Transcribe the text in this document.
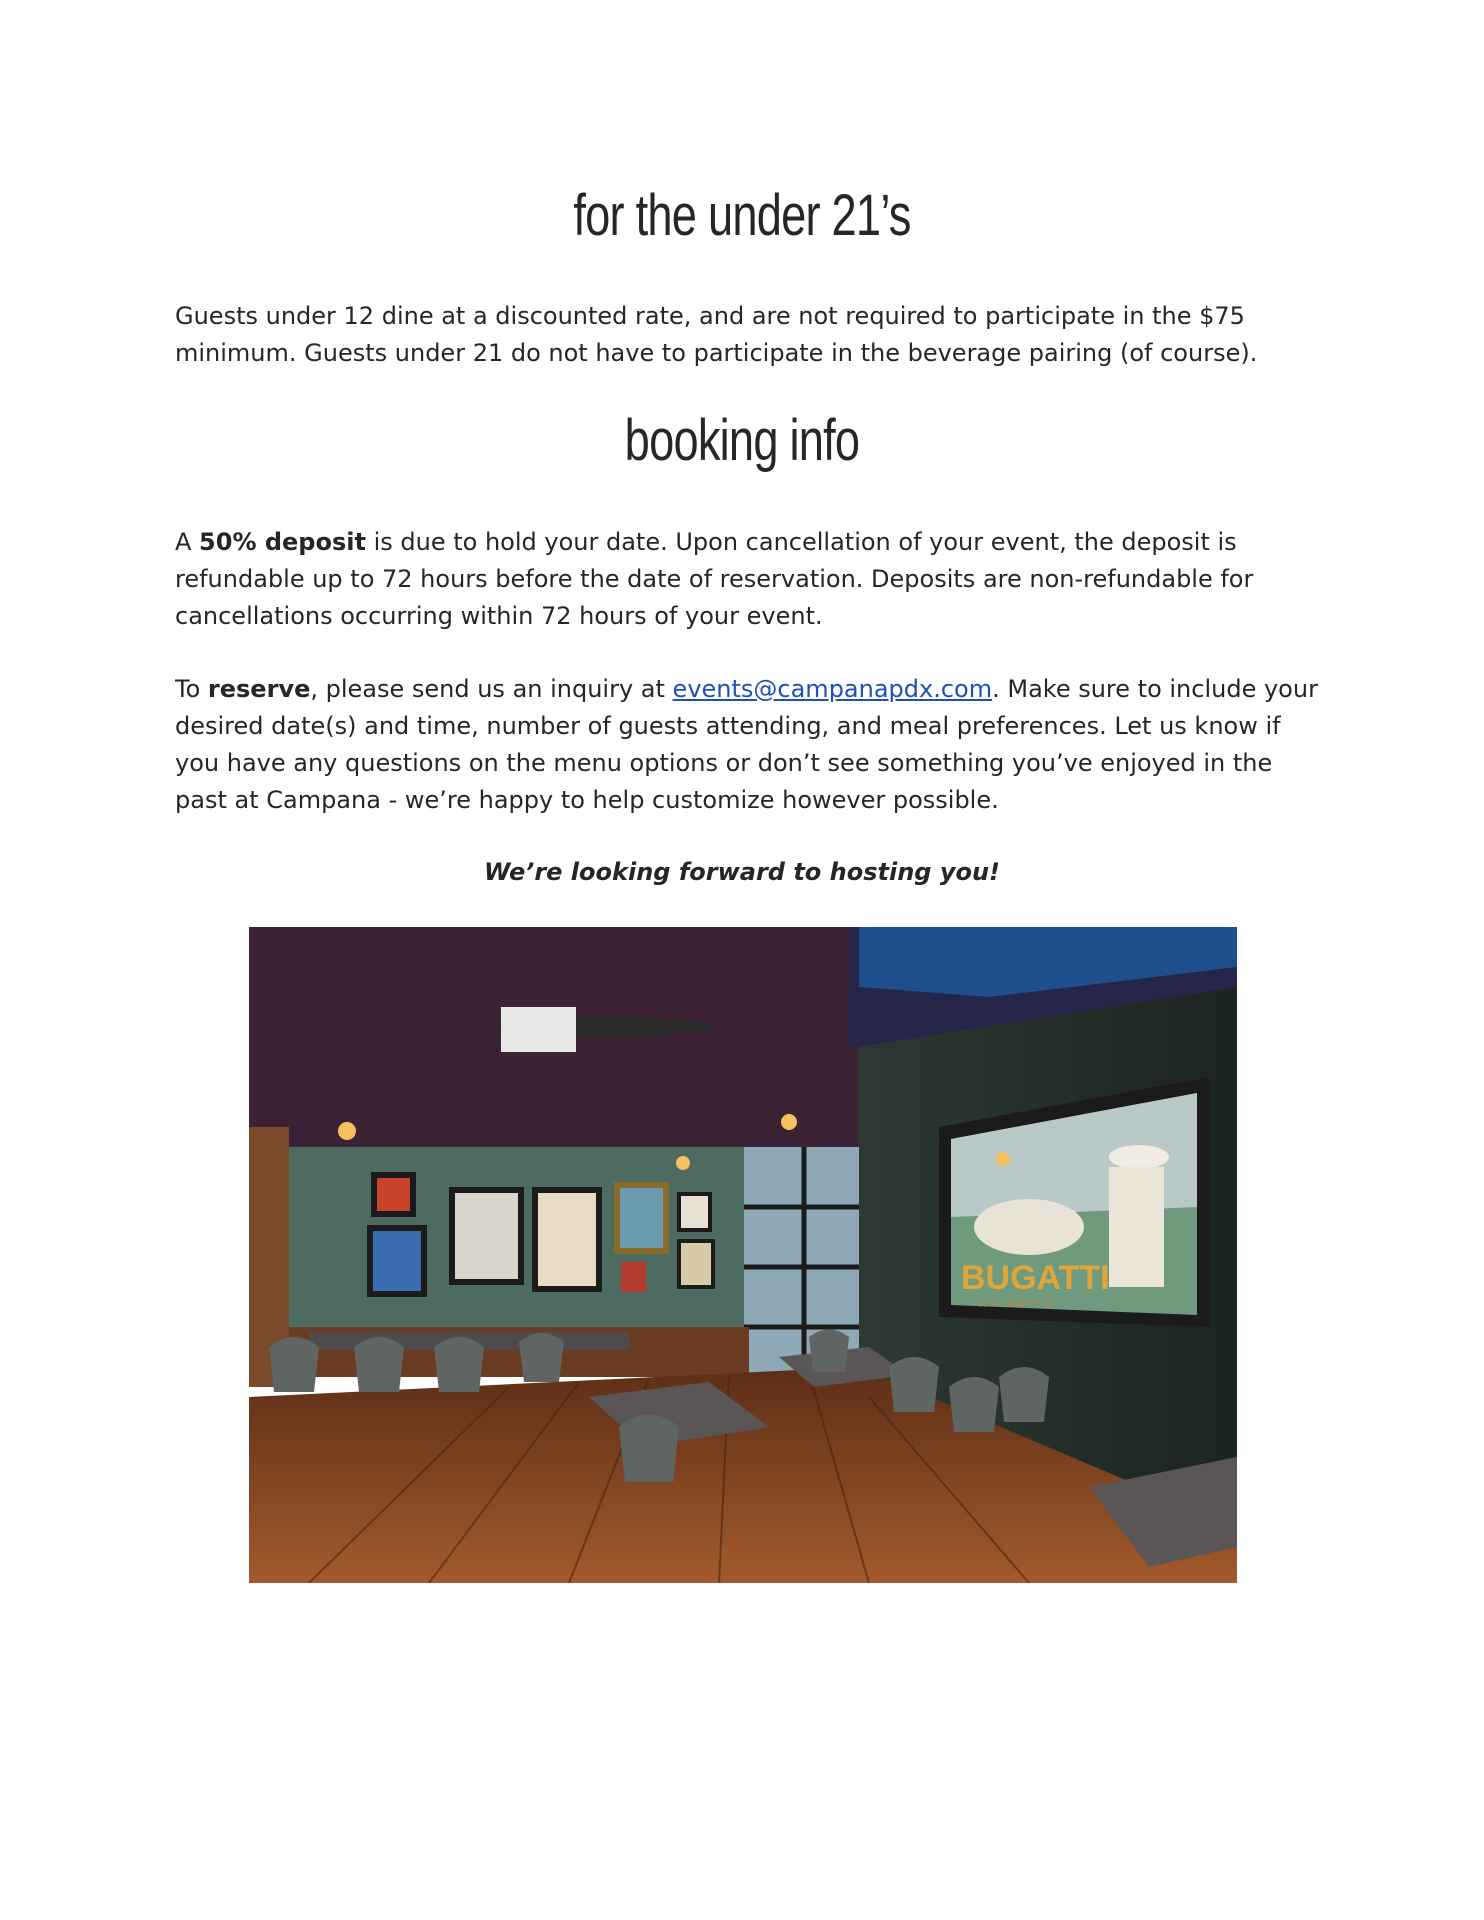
for the under 21’s

Guests under 12 dine at a discounted rate, and are not required to participate in the $75 minimum. Guests under 21 do not have to participate in the beverage pairing (of course).

booking info

A 50% deposit is due to hold your date. Upon cancellation of your event, the deposit is refundable up to 72 hours before the date of reservation. Deposits are non-refundable for cancellations occurring within 72 hours of your event.

To reserve, please send us an inquiry at events@campanapdx.com. Make sure to include your desired date(s) and time, number of guests attending, and meal preferences. Let us know if you have any questions on the menu options or don’t see something you’ve enjoyed in the past at Campana - we’re happy to help customize however possible.

We’re looking forward to hosting you!

BUGATTI
ATLANTIC
